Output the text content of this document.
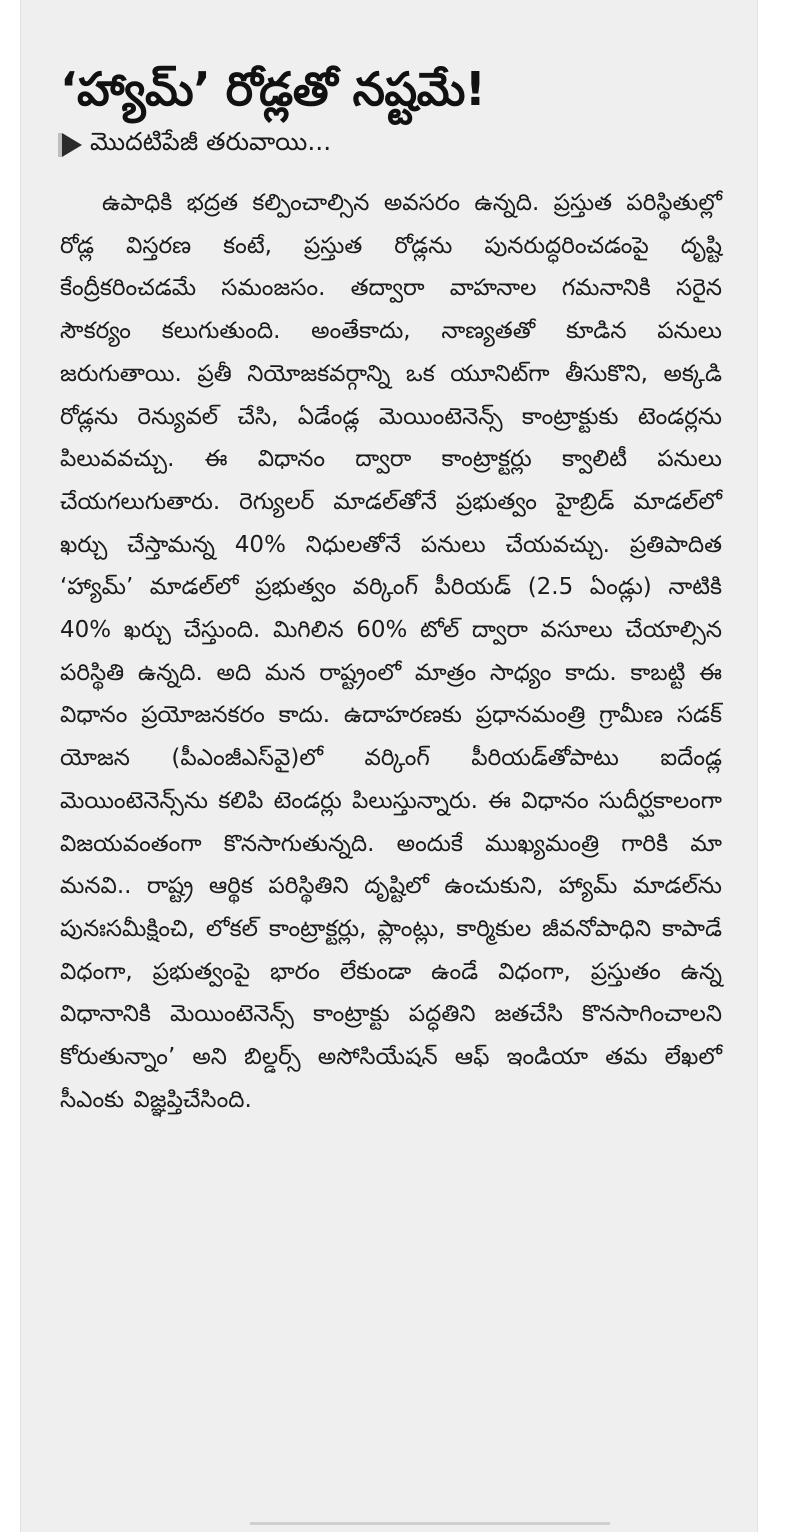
‘హ్యామ్’ రోడ్లతో నష్టమే!
మొదటిపేజీ తరువాయి...

ఉపాధికి భద్రత కల్పించాల్సిన అవసరం ఉన్నది. ప్రస్తుత పరిస్థితుల్లో రోడ్ల విస్తరణ కంటే, ప్రస్తుత రోడ్లను పునరుద్ధరించడంపై దృష్టి కేంద్రీకరించడమే సమంజసం. తద్వారా వాహనాల గమనానికి సరైన సౌకర్యం కలుగుతుంది. అంతేకాదు, నాణ్యతతో కూడిన పనులు జరుగుతాయి. ప్రతీ నియోజకవర్గాన్ని ఒక యూనిట్‌గా తీసుకొని, అక్కడి రోడ్లను రెన్యువల్ చేసి, ఏడేండ్ల మెయింటెనెన్స్ కాంట్రాక్టుకు టెండర్లను పిలువవచ్చు. ఈ విధానం ద్వారా కాంట్రాక్టర్లు క్వాలిటీ పనులు చేయగలుగుతారు. రెగ్యులర్ మాడల్‌తోనే ప్రభుత్వం హైబ్రిడ్ మాడల్‌లో ఖర్చు చేస్తామన్న 40% నిధులతోనే పనులు చేయవచ్చు. ప్రతిపాదిత ‘హ్యామ్’ మాడల్‌లో ప్రభుత్వం వర్కింగ్ పీరియడ్ (2.5 ఏండ్లు) నాటికి 40% ఖర్చు చేస్తుంది. మిగిలిన 60% టోల్ ద్వారా వసూలు చేయాల్సిన పరిస్థితి ఉన్నది. అది మన రాష్ట్రంలో మాత్రం సాధ్యం కాదు. కాబట్టి ఈ విధానం ప్రయోజనకరం కాదు. ఉదాహరణకు ప్రధానమంత్రి గ్రామీణ సడక్ యోజన (పీఎంజీఎస్‌వై)లో వర్కింగ్ పీరియడ్‌తోపాటు ఐదేండ్ల మెయింటెనెన్స్‌ను కలిపి టెండర్లు పిలుస్తున్నారు. ఈ విధానం సుదీర్ఘకాలంగా విజయవంతంగా కొనసాగుతున్నది. అందుకే ముఖ్యమంత్రి గారికి మా మనవి.. రాష్ట్ర ఆర్థిక పరిస్థితిని దృష్టిలో ఉంచుకుని, హ్యామ్ మాడల్‌ను పునఃసమీక్షించి, లోకల్ కాంట్రాక్టర్లు, ప్లాంట్లు, కార్మికుల జీవనోపాధిని కాపాడే విధంగా, ప్రభుత్వంపై భారం లేకుండా ఉండే విధంగా, ప్రస్తుతం ఉన్న విధానానికి మెయింటెనెన్స్ కాంట్రాక్టు పద్ధతిని జతచేసి కొనసాగించాలని కోరుతున్నాం’ అని బిల్డర్స్ అసోసియేషన్ ఆఫ్ ఇండియా తమ లేఖలో సీఎంకు విజ్ఞప్తిచేసింది.
